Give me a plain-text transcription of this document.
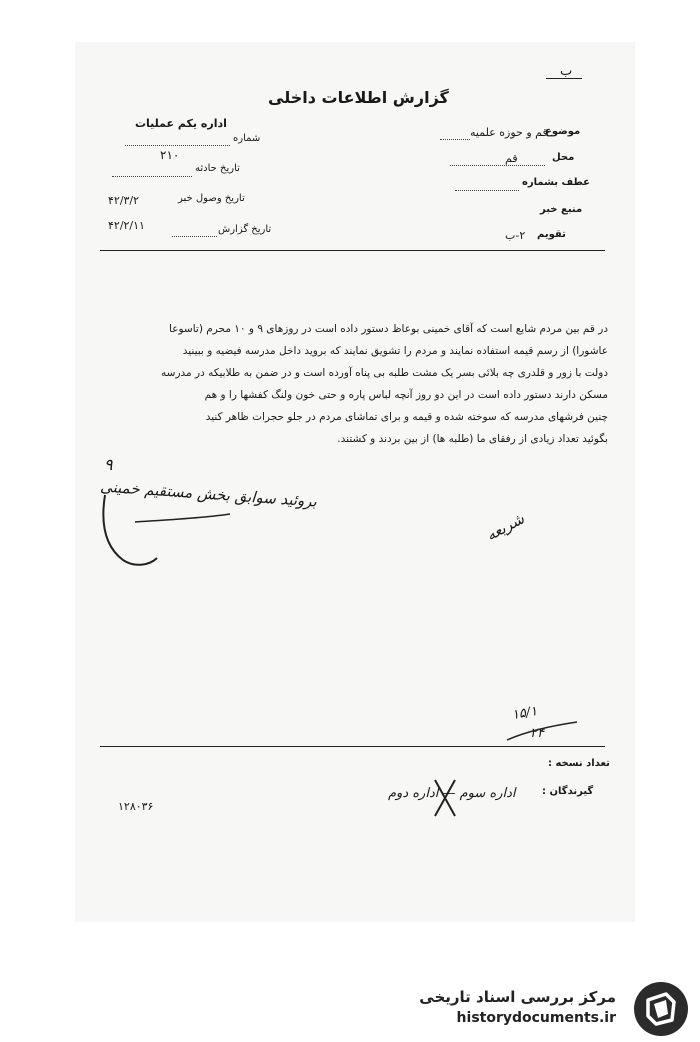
ب
گزارش اطلاعات داخلی
اداره یکم عملیات
شماره
۲۱۰
تاریخ حادثه
تاریخ وصول خبر
۴۲/۳/۲
۴۲/۲/۱۱	تاریخ گزارش
موضوع
قم و حوزه علمیه
محل
قم
عطف بشماره
منبع خبر
تقویم
۲-ب
در قم بین مردم شایع است که آقای خمینی بوعاظ دستور داده است در روزهای ۹ و ۱۰ محرم (تاسوعا
عاشورا) از رسم قیمه استفاده نمایند و مردم را تشویق نمایند که بروید داخل مدرسه فیضیه و ببینید
دولت با زور و قلدری چه بلائی بسر یک مشت طلبه بی پناه آورده است و در ضمن به طلابیکه در مدرسه
مسکن دارند دستور داده است در این دو روز آنچه لباس پاره و حتی خون ولنگ کفشها را و هم
چنین فرشهای مدرسه که سوخته شده و قیمه و برای تماشای مردم در جلو حجرات ظاهر کنید
بگوئید تعداد زیادی از رفقای ما (طلبه ها) از بین بردند و کشتند.
۹
بروئید سوابق بخش مستقیم خمینی
شریعه
۱۵/۱
۲۴
تعداد نسخه :
گیرندگان :
اداره سوم — اداره دوم
۱۲۸۰۳۶
مرکز بررسی اسناد تاریخی
historydocuments.ir
